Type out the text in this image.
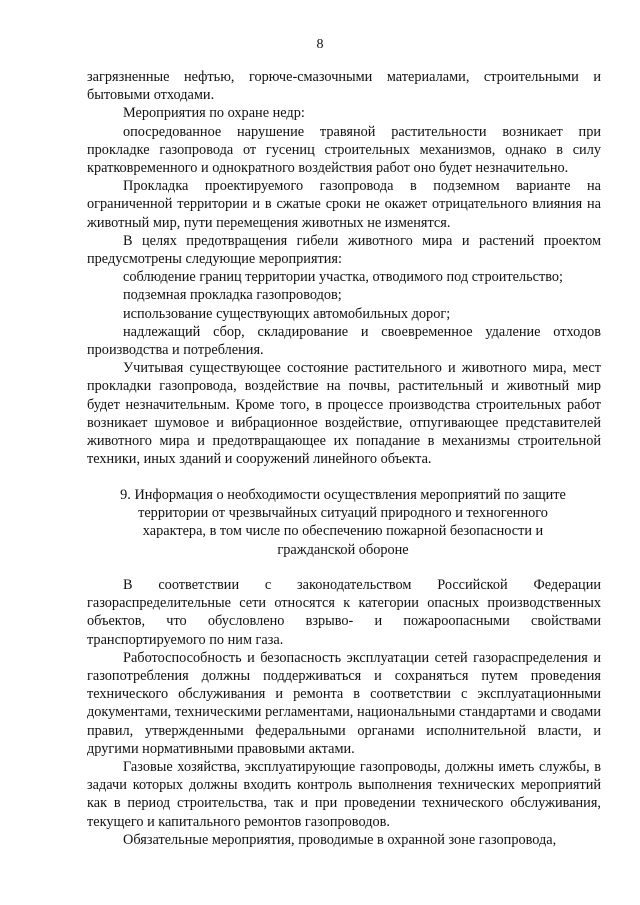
8

загрязненные нефтью, горюче-смазочными материалами, строительными и бытовыми отходами.

Мероприятия по охране недр:

опосредованное нарушение травяной растительности возникает при прокладке газопровода от гусениц строительных механизмов, однако в силу кратковременного и однократного воздействия работ оно будет незначительно.

Прокладка проектируемого газопровода в подземном варианте на ограниченной территории и в сжатые сроки не окажет отрицательного влияния на животный мир, пути перемещения животных не изменятся.

В целях предотвращения гибели животного мира и растений проектом предусмотрены следующие мероприятия:

соблюдение границ территории участка, отводимого под строительство;

подземная прокладка газопроводов;

использование существующих автомобильных дорог;

надлежащий сбор, складирование и своевременное удаление отходов производства и потребления.

Учитывая существующее состояние растительного и животного мира, мест прокладки газопровода, воздействие на почвы, растительный и животный мир будет незначительным. Кроме того, в процессе производства строительных работ возникает шумовое и вибрационное воздействие, отпугивающее представителей животного мира и предотвращающее их попадание в механизмы строительной техники, иных зданий и сооружений линейного объекта.

9. Информация о необходимости осуществления мероприятий по защите территории от чрезвычайных ситуаций природного и техногенного характера, в том числе по обеспечению пожарной безопасности и гражданской обороне

В соответствии с законодательством Российской Федерации газораспределительные сети относятся к категории опасных производственных объектов, что обусловлено взрыво- и пожароопасными свойствами транспортируемого по ним газа.

Работоспособность и безопасность эксплуатации сетей газораспределения и газопотребления должны поддерживаться и сохраняться путем проведения технического обслуживания и ремонта в соответствии с эксплуатационными документами, техническими регламентами, национальными стандартами и сводами правил, утвержденными федеральными органами исполнительной власти, и другими нормативными правовыми актами.

Газовые хозяйства, эксплуатирующие газопроводы, должны иметь службы, в задачи которых должны входить контроль выполнения технических мероприятий как в период строительства, так и при проведении технического обслуживания, текущего и капитального ремонтов газопроводов.

Обязательные мероприятия, проводимые в охранной зоне газопровода,
